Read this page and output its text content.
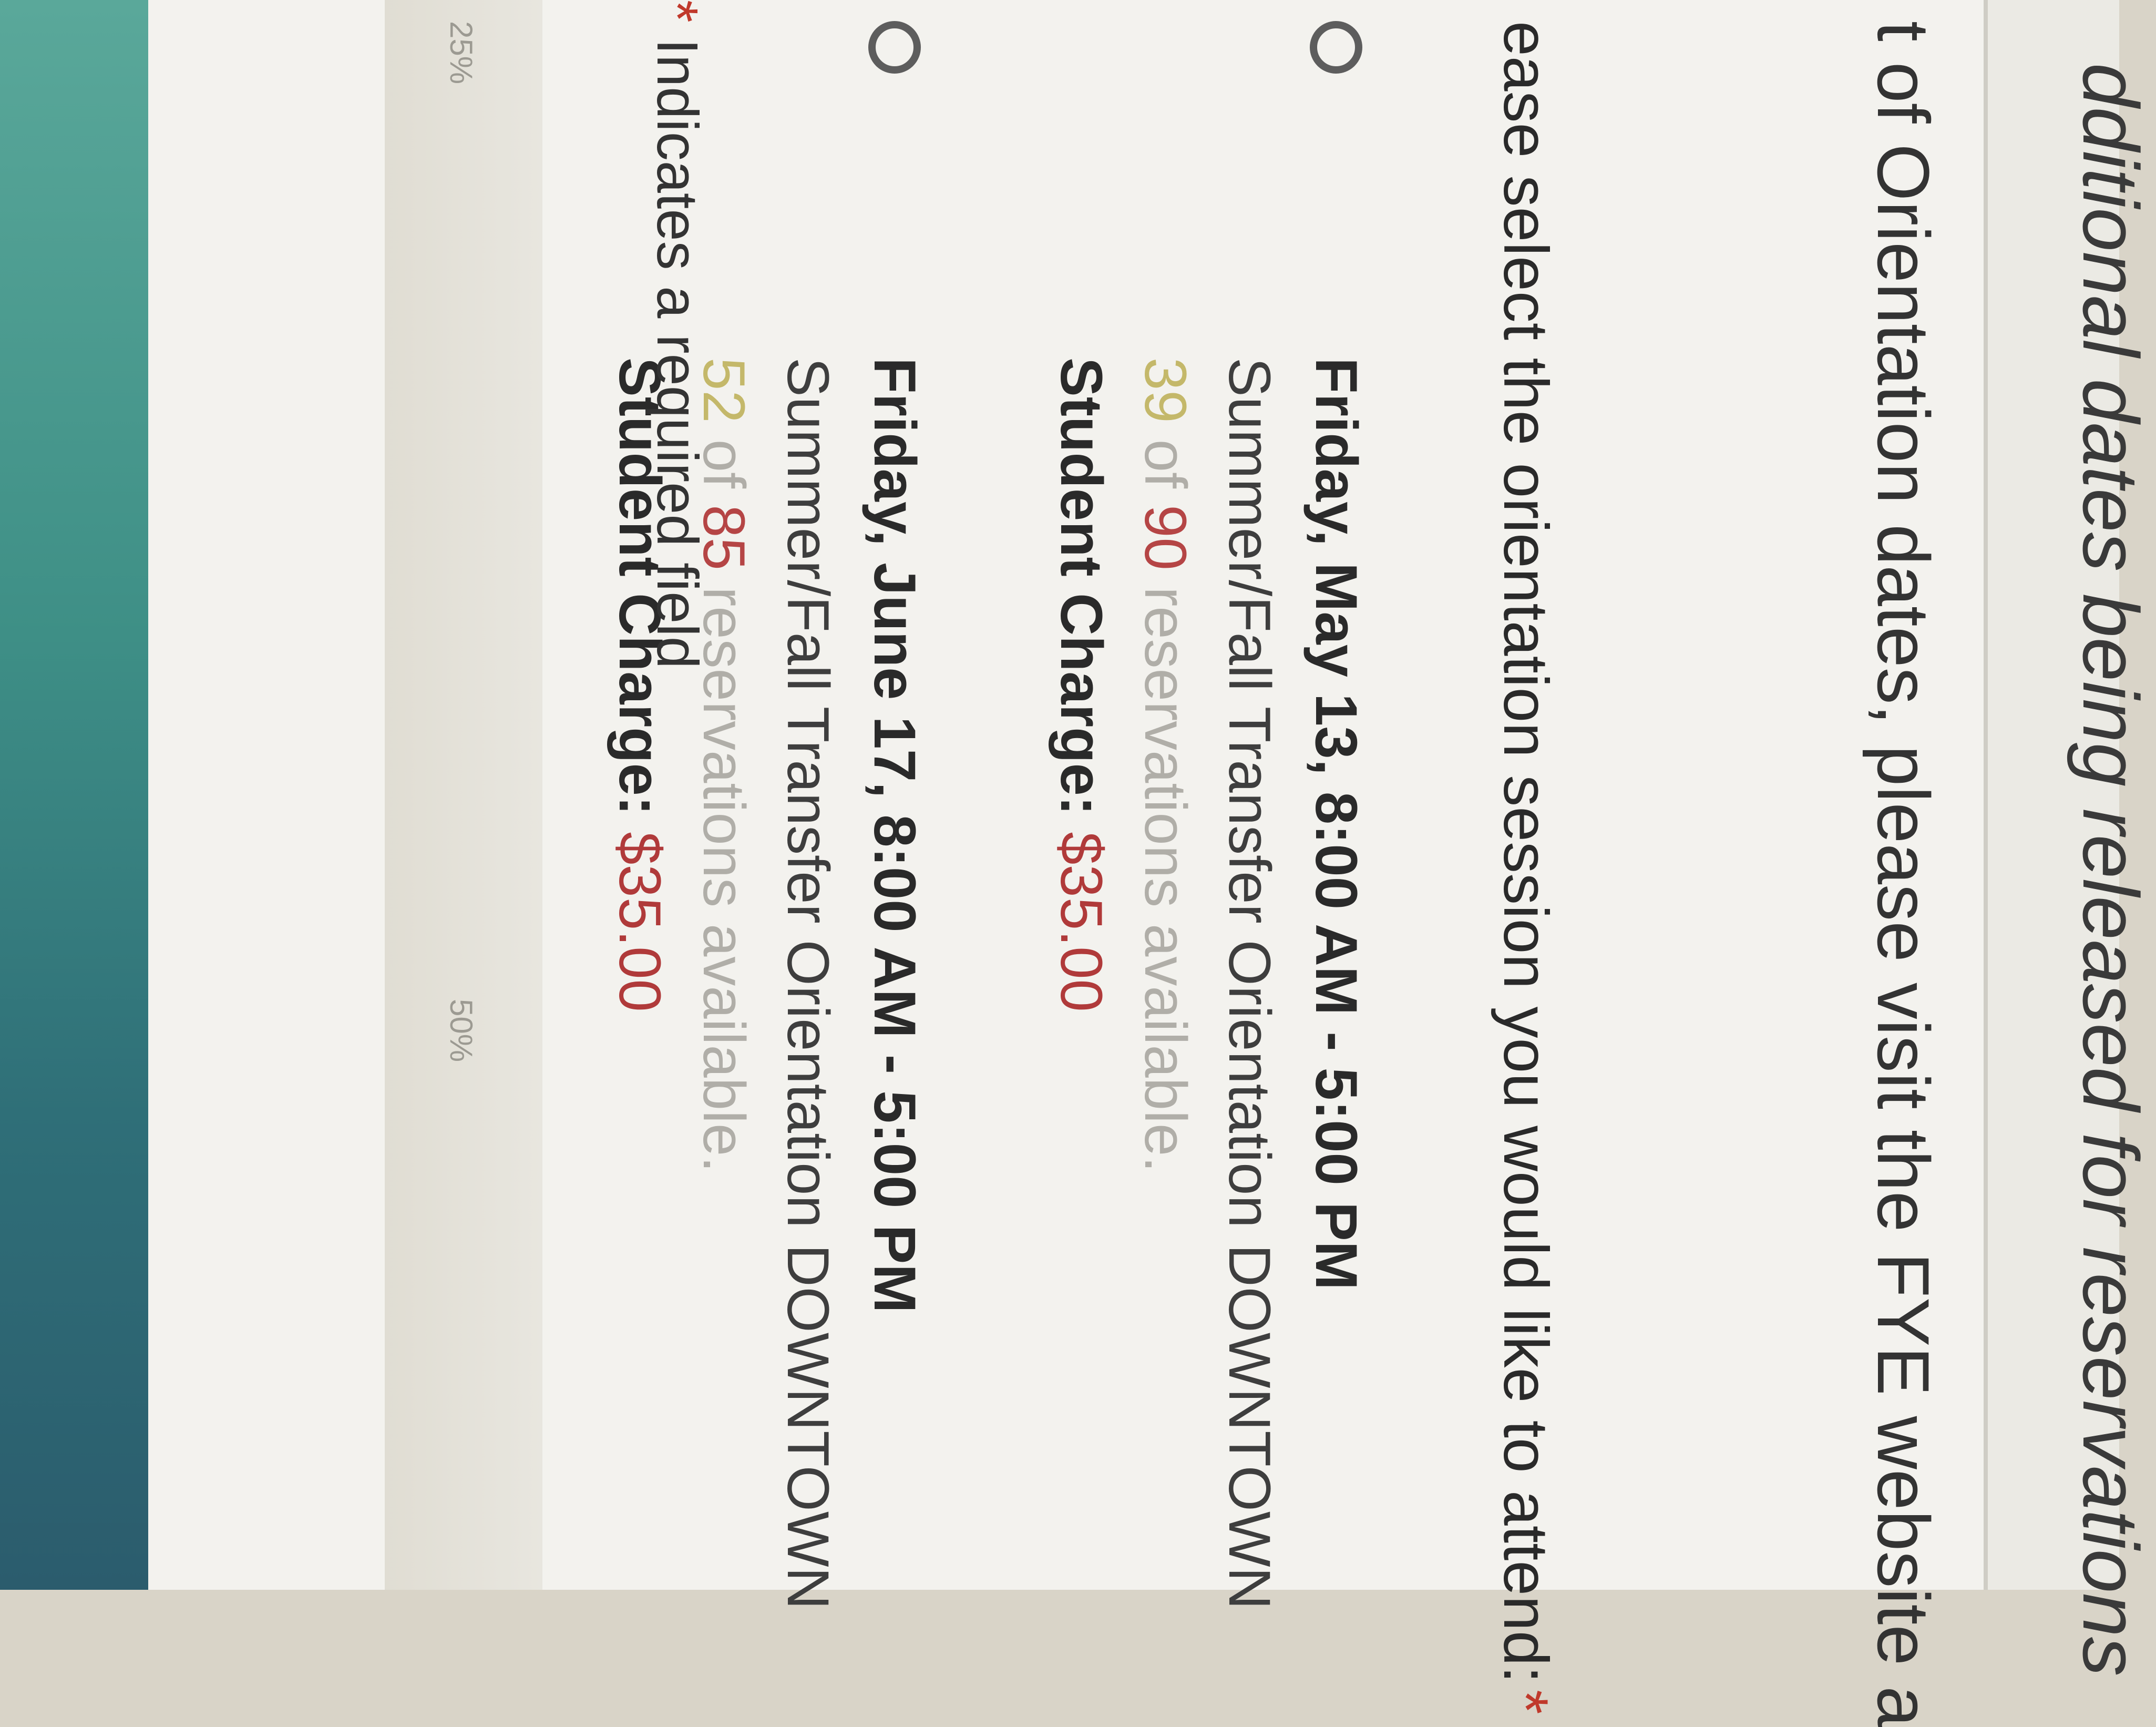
dditional dates being released for reservations
t of Orientation dates, please visit the FYE website a
ease select the orientation session you would like to attend:*
Friday, May 13, 8:00 AM - 5:00 PM
Summer/Fall Transfer Orientation DOWNTOWN
39 of 90 reservations available.
Student Charge: $35.00
Friday, June 17, 8:00 AM - 5:00 PM
Summer/Fall Transfer Orientation DOWNTOWN
52 of 85 reservations available.
Student Charge: $35.00
* Indicates a required field
25%
50%
